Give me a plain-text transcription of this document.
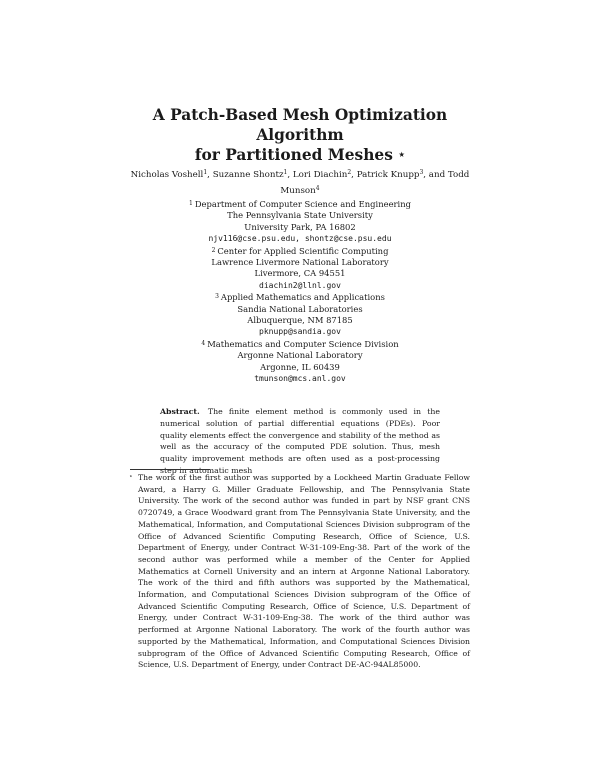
A Patch-Based Mesh Optimization Algorithm
for Partitioned Meshes ⋆
Nicholas Voshell$^1$, Suzanne Shontz$^1$, Lori Diachin$^2$, Patrick Knupp$^3$, and Todd Munson$^4$
$^1$ Department of Computer Science and Engineering
The Pennsylvania State University
University Park, PA 16802
njv116@cse.psu.edu, shontz@cse.psu.edu
$^2$ Center for Applied Scientific Computing
Lawrence Livermore National Laboratory
Livermore, CA 94551
diachin2@llnl.gov
$^3$ Applied Mathematics and Applications
Sandia National Laboratories
Albuquerque, NM 87185
pknupp@sandia.gov
$^4$ Mathematics and Computer Science Division
Argonne National Laboratory
Argonne, IL 60439
tmunson@mcs.anl.gov
Abstract. The finite element method is commonly used in the numerical solution of partial differential equations (PDEs). Poor quality elements effect the convergence and stability of the method as well as the accuracy of the computed PDE solution. Thus, mesh quality improvement methods are often used as a post-processing step in automatic mesh
⋆ The work of the first author was supported by a Lockheed Martin Graduate Fellow Award, a Harry G. Miller Graduate Fellowship, and The Pennsylvania State University. The work of the second author was funded in part by NSF grant CNS 0720749, a Grace Woodward grant from The Pennsylvania State University, and the Mathematical, Information, and Computational Sciences Division subprogram of the Office of Advanced Scientific Computing Research, Office of Science, U.S. Department of Energy, under Contract W-31-109-Eng-38. Part of the work of the second author was performed while a member of the Center for Applied Mathematics at Cornell University and an intern at Argonne National Laboratory. The work of the third and fifth authors was supported by the Mathematical, Information, and Computational Sciences Division subprogram of the Office of Advanced Scientific Computing Research, Office of Science, U.S. Department of Energy, under Contract W-31-109-Eng-38. The work of the third author was performed at Argonne National Laboratory. The work of the fourth author was supported by the Mathematical, Information, and Computational Sciences Division subprogram of the Office of Advanced Scientific Computing Research, Office of Science, U.S. Department of Energy, under Contract DE-AC-94AL85000.
